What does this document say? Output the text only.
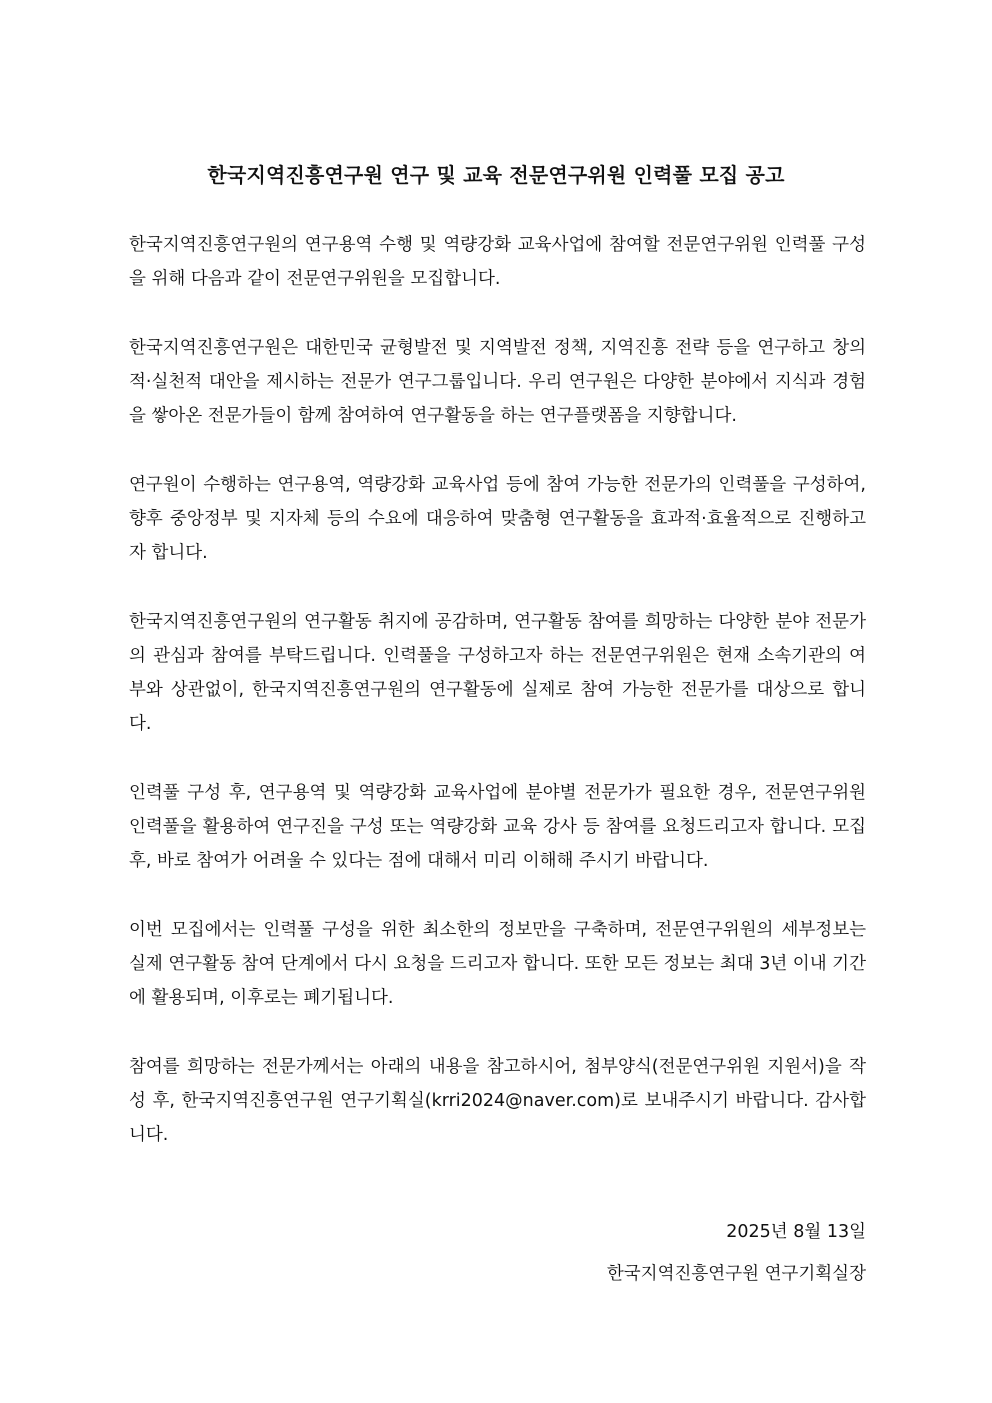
한국지역진흥연구원 연구 및 교육 전문연구위원 인력풀 모집 공고

한국지역진흥연구원의 연구용역 수행 및 역량강화 교육사업에 참여할 전문연구위원 인력풀 구성을 위해 다음과 같이 전문연구위원을 모집합니다.

한국지역진흥연구원은 대한민국 균형발전 및 지역발전 정책, 지역진흥 전략 등을 연구하고 창의적·실천적 대안을 제시하는 전문가 연구그룹입니다. 우리 연구원은 다양한 분야에서 지식과 경험을 쌓아온 전문가들이 함께 참여하여 연구활동을 하는 연구플랫폼을 지향합니다.

연구원이 수행하는 연구용역, 역량강화 교육사업 등에 참여 가능한 전문가의 인력풀을 구성하여, 향후 중앙정부 및 지자체 등의 수요에 대응하여 맞춤형 연구활동을 효과적·효율적으로 진행하고자 합니다.

한국지역진흥연구원의 연구활동 취지에 공감하며, 연구활동 참여를 희망하는 다양한 분야 전문가의 관심과 참여를 부탁드립니다. 인력풀을 구성하고자 하는 전문연구위원은 현재 소속기관의 여부와 상관없이, 한국지역진흥연구원의 연구활동에 실제로 참여 가능한 전문가를 대상으로 합니다.

인력풀 구성 후, 연구용역 및 역량강화 교육사업에 분야별 전문가가 필요한 경우, 전문연구위원 인력풀을 활용하여 연구진을 구성 또는 역량강화 교육 강사 등 참여를 요청드리고자 합니다. 모집 후, 바로 참여가 어려울 수 있다는 점에 대해서 미리 이해해 주시기 바랍니다.

이번 모집에서는 인력풀 구성을 위한 최소한의 정보만을 구축하며, 전문연구위원의 세부정보는 실제 연구활동 참여 단계에서 다시 요청을 드리고자 합니다. 또한 모든 정보는 최대 3년 이내 기간에 활용되며, 이후로는 폐기됩니다.

참여를 희망하는 전문가께서는 아래의 내용을 참고하시어, 첨부양식(전문연구위원 지원서)을 작성 후, 한국지역진흥연구원 연구기획실(krri2024@naver.com)로 보내주시기 바랍니다. 감사합니다.

2025년 8월 13일
한국지역진흥연구원 연구기획실장
